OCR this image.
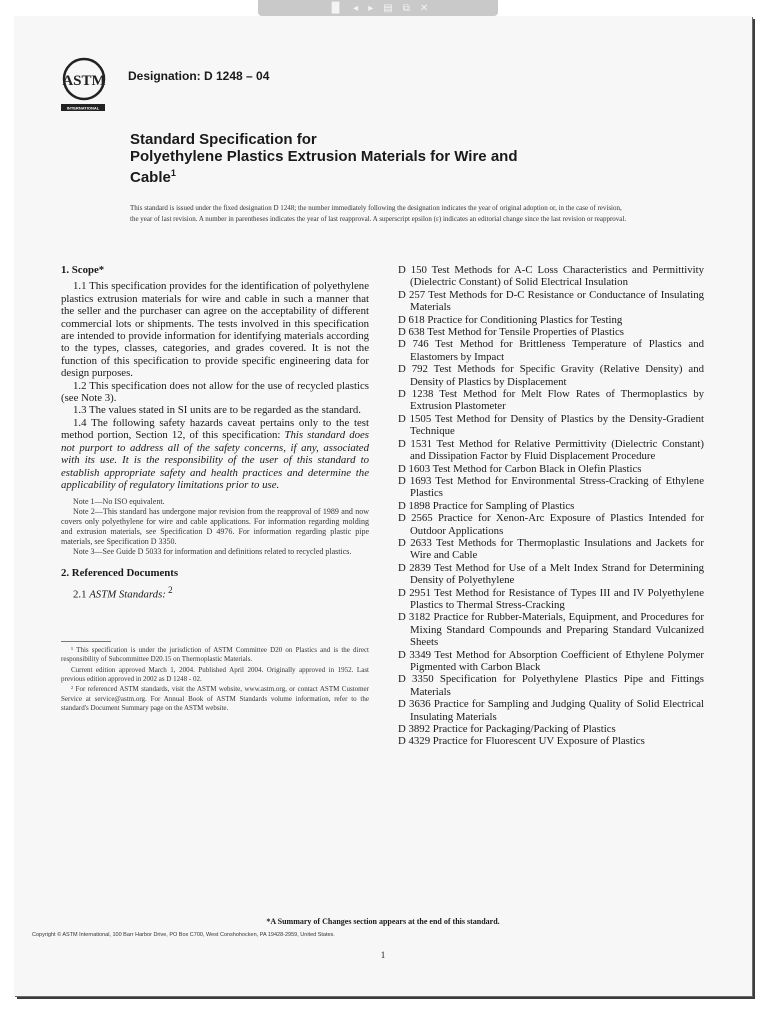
▐▌ ◂ ▸ ▤ ⧉ ✕
ASTM
INTERNATIONAL
Designation: D 1248 – 04
Standard Specification for
Polyethylene Plastics Extrusion Materials for Wire and
Cable$^1$
This standard is issued under the fixed designation D 1248; the number immediately following the designation indicates the year of original adoption or, in the case of revision, the year of last revision. A number in parentheses indicates the year of last reapproval. A superscript epsilon (ε) indicates an editorial change since the last revision or reapproval.
1. Scope*

1.1 This specification provides for the identification of polyethylene plastics extrusion materials for wire and cable in such a manner that the seller and the purchaser can agree on the acceptability of different commercial lots or shipments. The tests involved in this specification are intended to provide information for identifying materials according to the types, classes, categories, and grades covered. It is not the function of this specification to provide specific engineering data for design purposes.

1.2 This specification does not allow for the use of recycled plastics (see Note 3).

1.3 The values stated in SI units are to be regarded as the standard.

1.4 The following safety hazards caveat pertains only to the test method portion, Section 12, of this specification: This standard does not purport to address all of the safety concerns, if any, associated with its use. It is the responsibility of the user of this standard to establish appropriate safety and health practices and determine the applicability of regulatory limitations prior to use.

Note 1—No ISO equivalent.

Note 2—This standard has undergone major revision from the reapproval of 1989 and now covers only polyethylene for wire and cable applications. For information regarding molding and extrusion materials, see Specification D 4976. For information regarding plastic pipe materials, see Specification D 3350.

Note 3—See Guide D 5033 for information and definitions related to recycled plastics.

2. Referenced Documents

2.1 ASTM Standards: $^2$

¹ This specification is under the jurisdiction of ASTM Committee D20 on Plastics and is the direct responsibility of Subcommittee D20.15 on Thermoplastic Materials.

Current edition approved March 1, 2004. Published April 2004. Originally approved in 1952. Last previous edition approved in 2002 as D 1248 - 02.

² For referenced ASTM standards, visit the ASTM website, www.astm.org, or contact ASTM Customer Service at service@astm.org. For Annual Book of ASTM Standards volume information, refer to the standard's Document Summary page on the ASTM website.

D 150 Test Methods for A-C Loss Characteristics and Permittivity (Dielectric Constant) of Solid Electrical Insulation

D 257 Test Methods for D-C Resistance or Conductance of Insulating Materials

D 618 Practice for Conditioning Plastics for Testing

D 638 Test Method for Tensile Properties of Plastics

D 746 Test Method for Brittleness Temperature of Plastics and Elastomers by Impact

D 792 Test Methods for Specific Gravity (Relative Density) and Density of Plastics by Displacement

D 1238 Test Method for Melt Flow Rates of Thermoplastics by Extrusion Plastometer

D 1505 Test Method for Density of Plastics by the Density-Gradient Technique

D 1531 Test Method for Relative Permittivity (Dielectric Constant) and Dissipation Factor by Fluid Displacement Procedure

D 1603 Test Method for Carbon Black in Olefin Plastics

D 1693 Test Method for Environmental Stress-Cracking of Ethylene Plastics

D 1898 Practice for Sampling of Plastics

D 2565 Practice for Xenon-Arc Exposure of Plastics Intended for Outdoor Applications

D 2633 Test Methods for Thermoplastic Insulations and Jackets for Wire and Cable

D 2839 Test Method for Use of a Melt Index Strand for Determining Density of Polyethylene

D 2951 Test Method for Resistance of Types III and IV Polyethylene Plastics to Thermal Stress-Cracking

D 3182 Practice for Rubber-Materials, Equipment, and Procedures for Mixing Standard Compounds and Preparing Standard Vulcanized Sheets

D 3349 Test Method for Absorption Coefficient of Ethylene Polymer Pigmented with Carbon Black

D 3350 Specification for Polyethylene Plastics Pipe and Fittings Materials

D 3636 Practice for Sampling and Judging Quality of Solid Electrical Insulating Materials

D 3892 Practice for Packaging/Packing of Plastics

D 4329 Practice for Fluorescent UV Exposure of Plastics

*A Summary of Changes section appears at the end of this standard.
Copyright © ASTM International, 100 Barr Harbor Drive, PO Box C700, West Conshohocken, PA 19428-2959, United States.
1
